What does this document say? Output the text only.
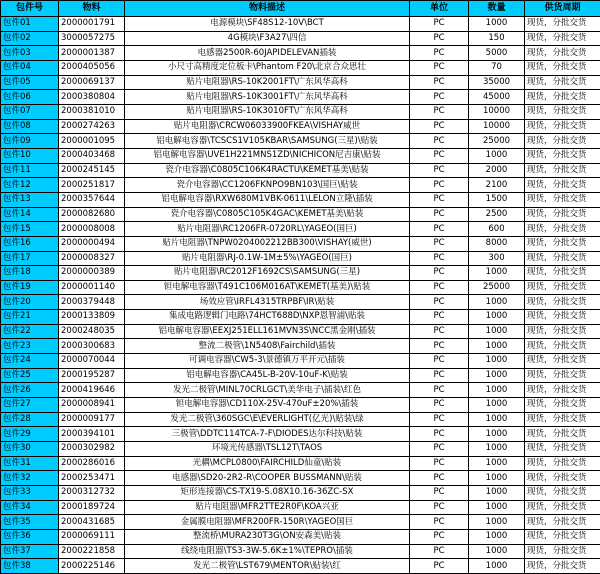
包件号	物料	物料描述	单位	数量	供货周期
包件01	2000001791	电源模块\SF48S12-10V\BCT	PC	1000	现货，分批交货
包件02	3000057275	4G模块\F3A27\四信	PC	150	现货，分批交货
包件03	2000001387	电感器2500R-60JAPIDELEVAN插装	PC	5000	现货，分批交货
包件04	2000405056	小尺寸高精度定位板卡\Phantom F20\北京合众思壮	PC	70	现货，分批交货
包件05	2000069137	贴片电阻器\RS-10K2001FT\广东风华高科	PC	35000	现货，分批交货
包件06	2000380804	贴片电阻器\RS-10K3001FT\广东风华高科	PC	45000	现货，分批交货
包件07	2000381010	贴片电阻器\RS-10K3010FT\广东风华高科	PC	10000	现货，分批交货
包件08	2000274263	贴片电阻器\CRCW06033900FKEA\VISHAY威世	PC	10000	现货，分批交货
包件09	2000001095	铝电解电容器\TCSCS1V105KBAR\SAMSUNG(三星)\贴装	PC	25000	现货，分批交货
包件10	2000403468	铝电解电容器\UVE1H221MNS1ZD\NICHICON尼吉康\贴装	PC	1000	现货，分批交货
包件11	2000245145	瓷介电容器\C0805C106K4RACTU\KEMET基美\贴装	PC	2000	现货，分批交货
包件12	2000251817	瓷介电容器\CC1206FKNPO9BN103\国巨\贴装	PC	2100	现货，分批交货
包件13	2000357644	铝电解电容器\RXW680M1VBK-0611\LELON立隆\插装	PC	1500	现货，分批交货
包件14	2000082680	瓷介电容器\C0805C105K4GAC\KEMET基美\贴装	PC	2500	现货，分批交货
包件15	2000008008	贴片电阻器\RC1206FR-0720RL\YAGEO(国巨)	PC	600	现货，分批交货
包件16	2000000494	贴片电阻器\TNPW0204002212BB300\VISHAY(威世)	PC	8000	现货，分批交货
包件17	2000008327	贴片电阻器\RJ-0.1W-1M±5%\YAGEO(国巨)	PC	300	现货，分批交货
包件18	2000000389	贴片电阻器\RC2012F1692CS\SAMSUNG(三星)	PC	1000	现货，分批交货
包件19	2000001140	钽电解电容器\T491C106M016AT\KEMET(基美)\贴装	PC	25000	现货，分批交货
包件20	2000379448	场效应管\IRFL4315TRPBF\IR\贴装	PC	1000	现货，分批交货
包件21	2000133809	集成电路逻辑门电路\74HCT688D\NXP恩智浦\贴装	PC	1000	现货，分批交货
包件22	2000248035	铝电解电容器\EEXJ251ELL161MVN3S\NCC黑金刚\插装	PC	1000	现货，分批交货
包件23	2000300683	整流二极管\1N5408\Fairchild\插装	PC	1000	现货，分批交货
包件24	2000070044	可调电容器\CW5-3\景德镇万平开元\插装	PC	1000	现货，分批交货
包件25	2000195287	铝电解电容器\CA45L-B-20V-10uF-K\贴装	PC	1000	现货，分批交货
包件26	2000419646	发光二极管\MINL70CRLGCT\美华电子\插装\红色	PC	1000	现货，分批交货
包件27	2000008941	钽电解电容器\CD110X-25V-470uF±20%\插装	PC	1000	现货，分批交货
包件28	2000009177	发光二极管\360SGC\E\EVERLIGHT(亿光)\贴装\绿	PC	1000	现货，分批交货
包件29	2000394101	三极管\DDTC114TCA-7-F\DIODES达尔科技\贴装	PC	1000	现货，分批交货
包件30	2000302982	环境光传感器\TSL12T\TAOS	PC	1000	现货，分批交货
包件31	2000286016	光耦\MCPL0800\FAIRCHILD仙童\贴装	PC	1000	现货，分批交货
包件32	2000253471	电感器\SD20-2R2-R\COOPER BUSSMANN\贴装	PC	1000	现货，分批交货
包件33	2000312732	矩形连接器\CS-TX19-S.08X10.16-36ZC-SX	PC	1000	现货，分批交货
包件34	2000189724	贴片电阻器\MFR2TTE2R0F\KOA兴亚	PC	1000	现货，分批交货
包件35	2000431685	金属膜电阻器\MFR200FR-150R\YAGEO国巨	PC	1000	现货，分批交货
包件36	2000069111	整流桥\MURA230T3G\ON安森美\贴装	PC	1000	现货，分批交货
包件37	2000221858	线绕电阻器\TS3-3W-5.6K±1%\TEPRO\插装	PC	1000	现货，分批交货
包件38	2000225146	发光二极管\LST679\MENTOR\贴装\红	PC	1000	现货，分批交货
